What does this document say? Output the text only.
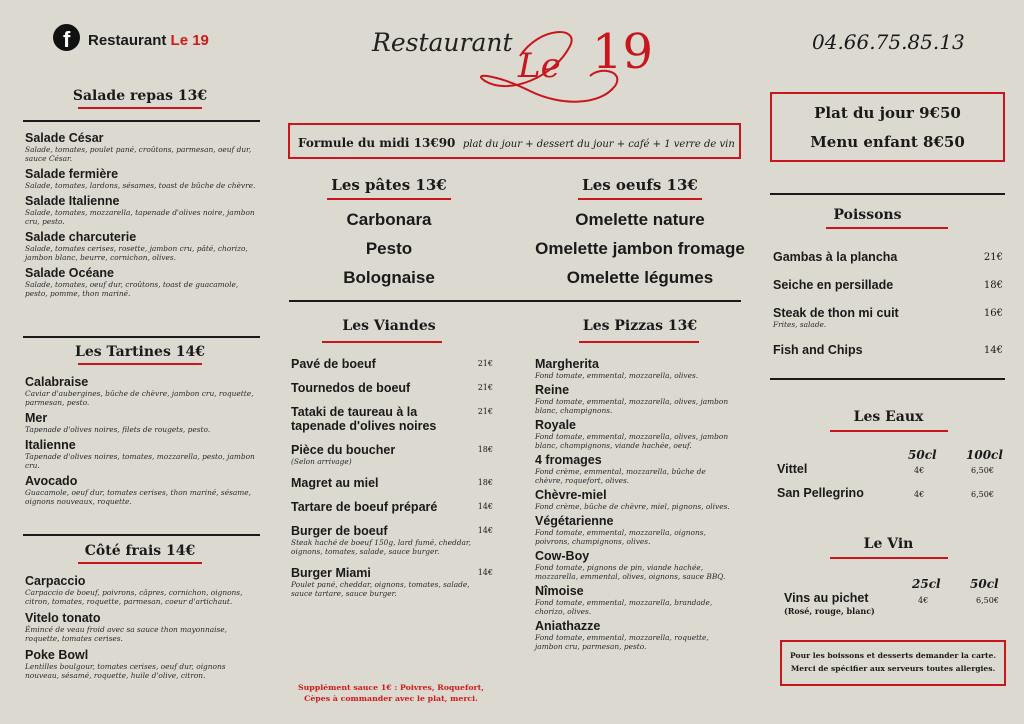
f Restaurant Le 19	Restaurant
Le 19	04.66.75.85.13
Salade repas 13€
Salade César
Salade, tomates, poulet pané, croûtons, parmesan, oeuf dur, sauce César.
Salade fermière
Salade, tomates, lardons, sésames, toast de bûche de chèvre.
Salade Italienne
Salade, tomates, mozzarella, tapenade d'olives noire, jambon cru, pesto.
Salade charcuterie
Salade, tomates cerises, rosette, jambon cru, pâté, chorizo, jambon blanc, beurre, cornichon, olives.
Salade Océane
Salade, tomates, oeuf dur, croûtons, toast de guacamole, pesto, pomme, thon mariné.
Les Tartines 14€
Calabraise
Caviar d'aubergines, bûche de chèvre, jambon cru, roquette, parmesan, pesto.
Mer
Tapenade d'olives noires, filets de rougets, pesto.
Italienne
Tapenade d'olives noires, tomates, mozzarella, pesto, jambon cru.
Avocado
Guacamole, oeuf dur, tomates cerises, thon mariné, sésame, oignons nouveaux, roquette.
Côté frais 14€
Carpaccio
Carpaccio de boeuf, poivrons, câpres, cornichon, oignons, citron, tomates, roquette, parmesan, coeur d'artichaut.
Vitelo tonato
Émincé de veau froid avec sa sauce thon mayonnaise, roquette, tomates cerises.
Poke Bowl
Lentilles boulgour, tomates cerises, oeuf dur, oignons nouveau, sésamé, roquette, huile d'olive, citron.
Formule du midi 13€90 plat du jour + dessert du jour + café + 1 verre de vin
Les pâtes 13€
Carbonara
Pesto
Bolognaise
Les oeufs 13€
Omelette nature
Omelette jambon fromage
Omelette légumes
Les Viandes
Pavé de boeuf	21€
Tournedos de boeuf	21€
Tataki de taureau à la tapenade d'olives noires
21€
Pièce du boucher
(Selon arrivage)
18€
Magret au miel	18€
Tartare de boeuf préparé	14€
Burger de boeuf
Steak haché de boeuf 150g, lard fumé, cheddar, oignons, tomates, salade, sauce burger.
14€
Burger Miami
Poulet pané, cheddar, oignons, tomates, salade, sauce tartare, sauce burger.
14€
Supplément sauce 1€ : Poivres, Roquefort, Cèpes à commander avec le plat, merci.
Les Pizzas 13€
Margherita
Fond tomate, emmental, mozzarella, olives.
Reine
Fond tomate, emmental, mozzarella, olives, jambon blanc, champignons.
Royale
Fond tomate, emmental, mozzarella, olives, jambon blanc, champignons, viande hachée, oeuf.
4 fromages
Fond crème, emmental, mozzarella, bûche de chèvre, roquefort, olives.
Chèvre-miel
Fond crème, bûche de chèvre, miel, pignons, olives.
Végétarienne
Fond tomate, emmental, mozzarella, oignons, poivrons, champignons, olives.
Cow-Boy
Fond tomate, pignons de pin, viande hachée, mozzarella, emmental, olives, oignons, sauce BBQ.
Nîmoise
Fond tomate, emmental, mozzarella, brandade, chorizo, olives.
Aniathazze
Fond tomate, emmental, mozzarella, roquette, jambon cru, parmesan, pesto.
Plat du jour 9€50
Menu enfant 8€50
Poissons
Gambas à la plancha	21€
Seiche en persillade	18€
Steak de thon mi cuit
Frites, salade.
16€
Fish and Chips	14€
Les Eaux
50cl 100cl
Vittel	4€	6,50€
San Pellegrino	4€	6,50€
Le Vin
25cl 50cl
Vins au pichet
(Rosé, rouge, blanc)
4€	6,50€
Pour les boissons et desserts demander la carte.
Merci de spécifier aux serveurs toutes allergies.
